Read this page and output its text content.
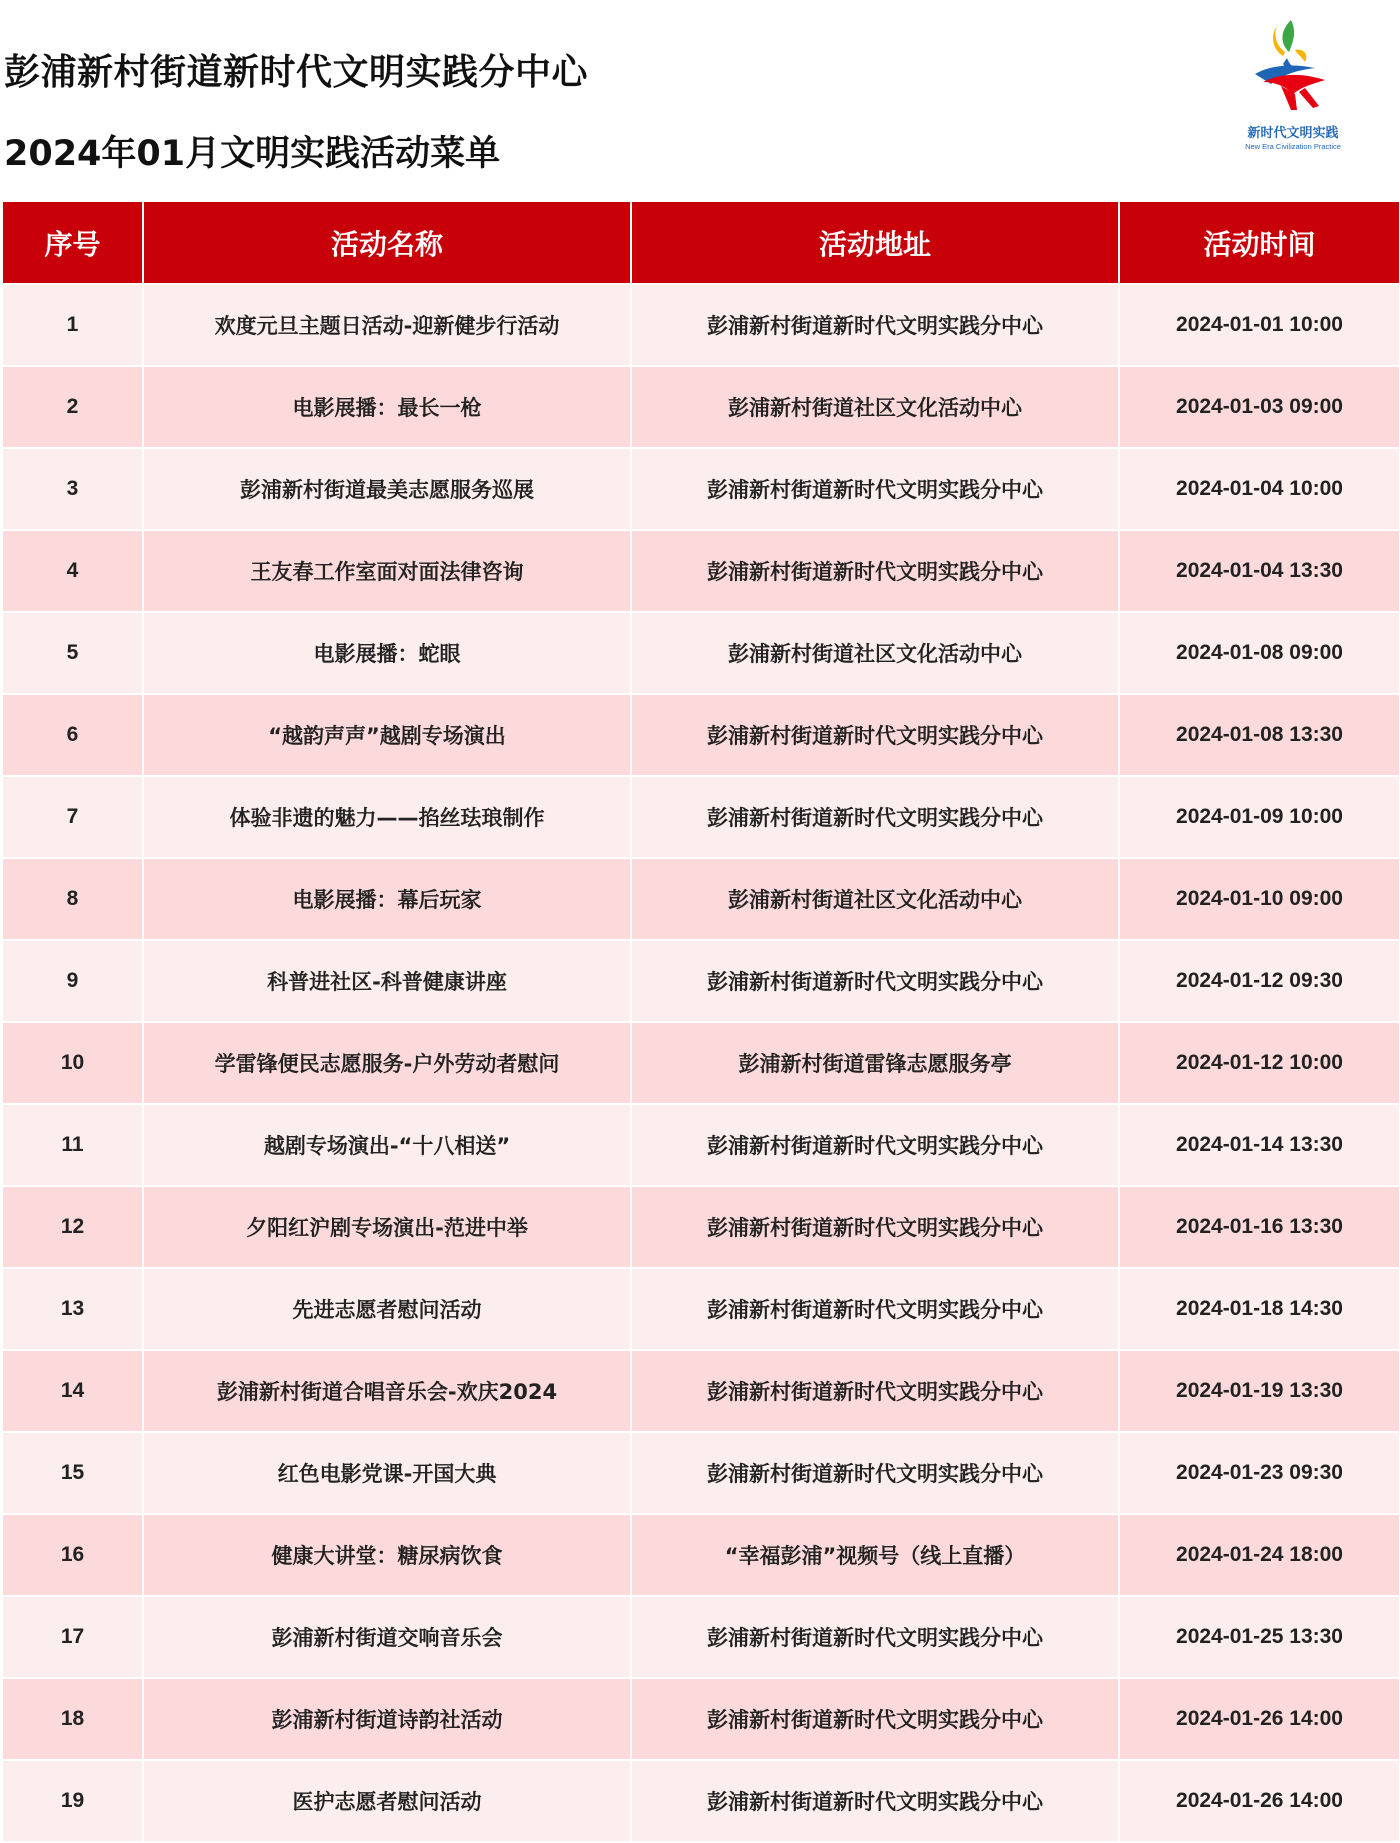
彭浦新村街道新时代文明实践分中心
2024年01月文明实践活动菜单
新时代文明实践
New Era Civilization Practice
序号	活动名称	活动地址	活动时间
1	欢度元旦主题日活动-迎新健步行活动	彭浦新村街道新时代文明实践分中心	2024-01-01 10:00
2	电影展播：最长一枪	彭浦新村街道社区文化活动中心	2024-01-03 09:00
3	彭浦新村街道最美志愿服务巡展	彭浦新村街道新时代文明实践分中心	2024-01-04 10:00
4	王友春工作室面对面法律咨询	彭浦新村街道新时代文明实践分中心	2024-01-04 13:30
5	电影展播：蛇眼	彭浦新村街道社区文化活动中心	2024-01-08 09:00
6	“越韵声声”越剧专场演出	彭浦新村街道新时代文明实践分中心	2024-01-08 13:30
7	体验非遗的魅力——掐丝珐琅制作	彭浦新村街道新时代文明实践分中心	2024-01-09 10:00
8	电影展播：幕后玩家	彭浦新村街道社区文化活动中心	2024-01-10 09:00
9	科普进社区-科普健康讲座	彭浦新村街道新时代文明实践分中心	2024-01-12 09:30
10	学雷锋便民志愿服务-户外劳动者慰问	彭浦新村街道雷锋志愿服务亭	2024-01-12 10:00
11	越剧专场演出-“十八相送”	彭浦新村街道新时代文明实践分中心	2024-01-14 13:30
12	夕阳红沪剧专场演出-范进中举	彭浦新村街道新时代文明实践分中心	2024-01-16 13:30
13	先进志愿者慰问活动	彭浦新村街道新时代文明实践分中心	2024-01-18 14:30
14	彭浦新村街道合唱音乐会-欢庆2024	彭浦新村街道新时代文明实践分中心	2024-01-19 13:30
15	红色电影党课-开国大典	彭浦新村街道新时代文明实践分中心	2024-01-23 09:30
16	健康大讲堂：糖尿病饮食	“幸福彭浦”视频号（线上直播）	2024-01-24 18:00
17	彭浦新村街道交响音乐会	彭浦新村街道新时代文明实践分中心	2024-01-25 13:30
18	彭浦新村街道诗韵社活动	彭浦新村街道新时代文明实践分中心	2024-01-26 14:00
19	医护志愿者慰问活动	彭浦新村街道新时代文明实践分中心	2024-01-26 14:00
